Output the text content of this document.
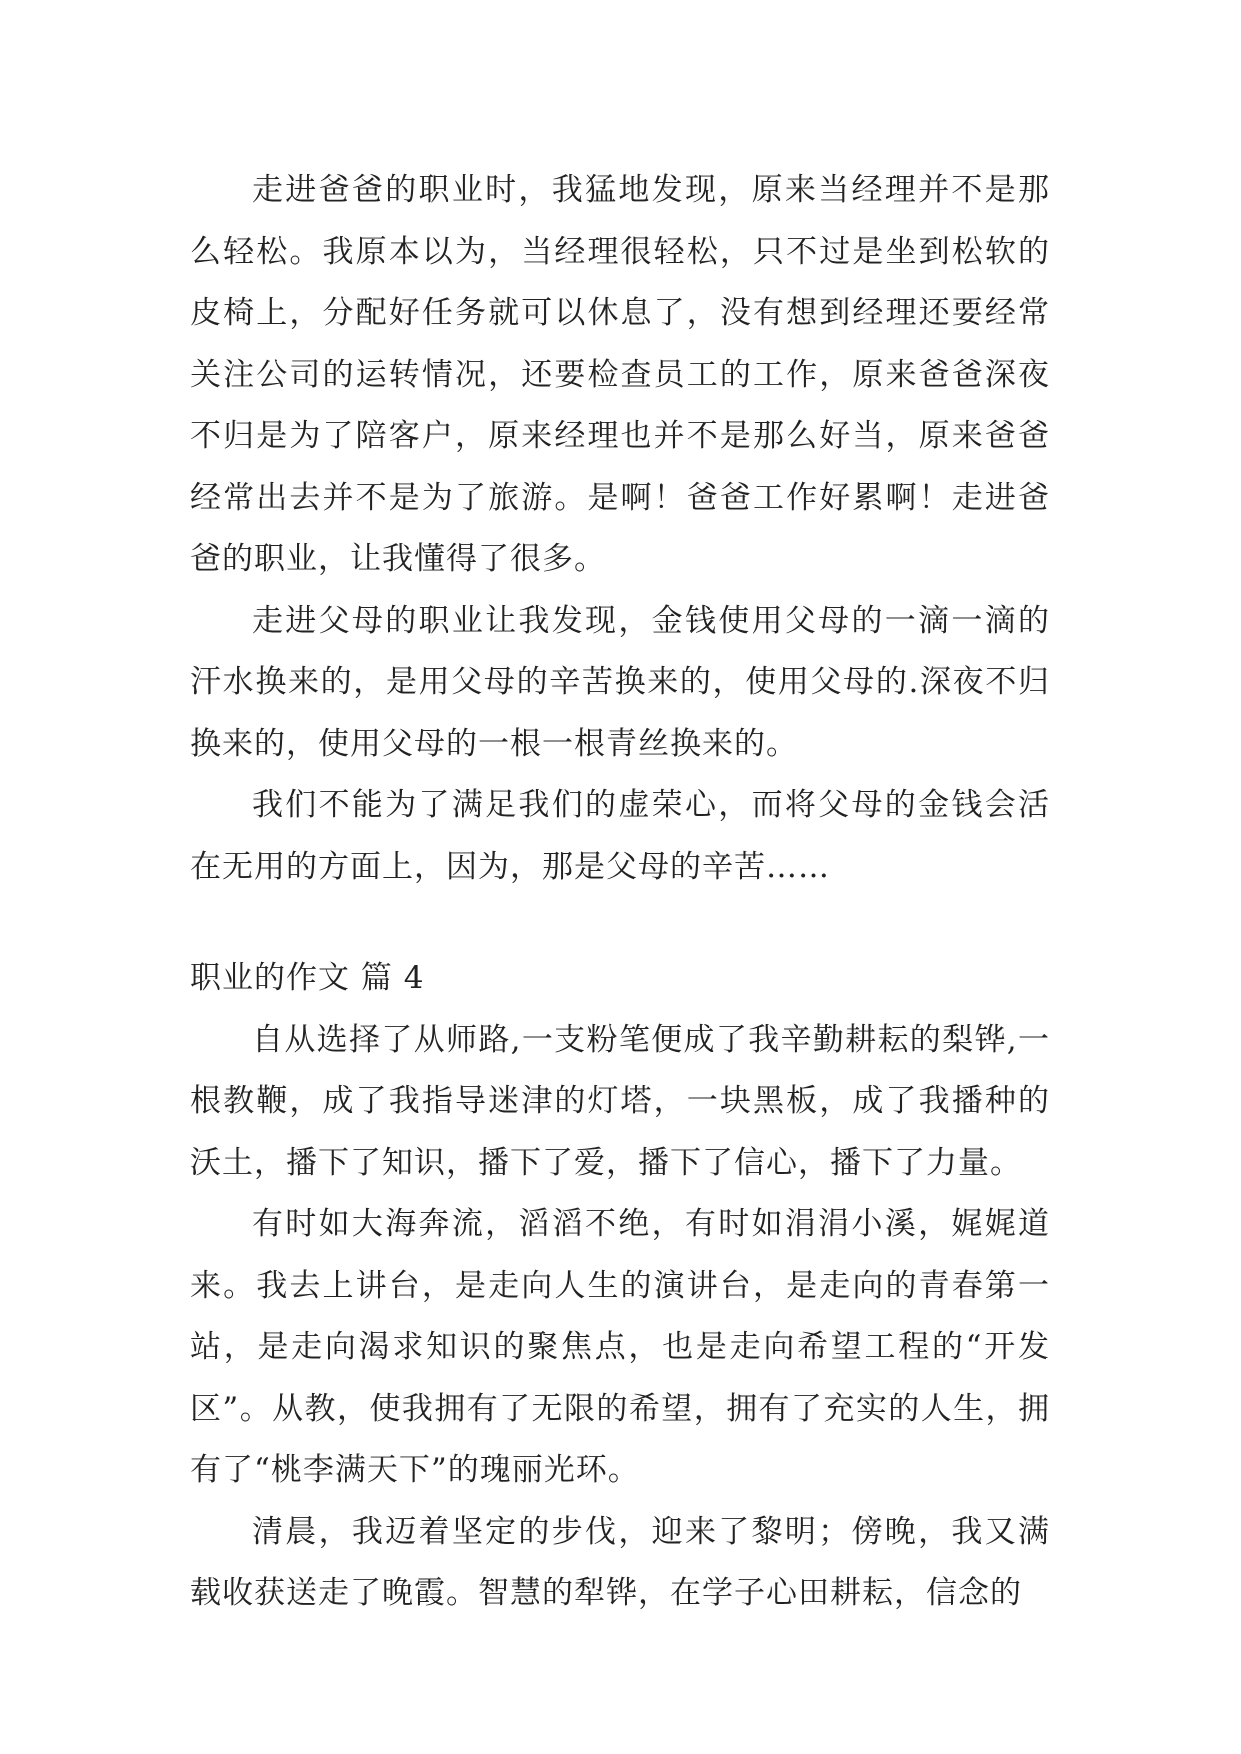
走进爸爸的职业时，我猛地发现，原来当经理并不是那么轻松。我原本以为，当经理很轻松，只不过是坐到松软的皮椅上，分配好任务就可以休息了，没有想到经理还要经常关注公司的运转情况，还要检查员工的工作，原来爸爸深夜不归是为了陪客户，原来经理也并不是那么好当，原来爸爸经常出去并不是为了旅游。是啊！爸爸工作好累啊！走进爸爸的职业，让我懂得了很多。

走进父母的职业让我发现，金钱使用父母的一滴一滴的汗水换来的，是用父母的辛苦换来的，使用父母的.深夜不归换来的，使用父母的一根一根青丝换来的。

我们不能为了满足我们的虚荣心，而将父母的金钱会活在无用的方面上，因为，那是父母的辛苦……

职业的作文 篇 4

自从选择了从师路,一支粉笔便成了我辛勤耕耘的梨铧,一根教鞭，成了我指导迷津的灯塔，一块黑板，成了我播种的沃土，播下了知识，播下了爱，播下了信心，播下了力量。

有时如大海奔流，滔滔不绝，有时如涓涓小溪，娓娓道来。我去上讲台，是走向人生的演讲台，是走向的青春第一站，是走向渴求知识的聚焦点，也是走向希望工程的“开发区”。从教，使我拥有了无限的希望，拥有了充实的人生，拥有了“桃李满天下”的瑰丽光环。

清晨，我迈着坚定的步伐，迎来了黎明；傍晚，我又满载收获送走了晚霞。智慧的犁铧，在学子心田耕耘，信念的
